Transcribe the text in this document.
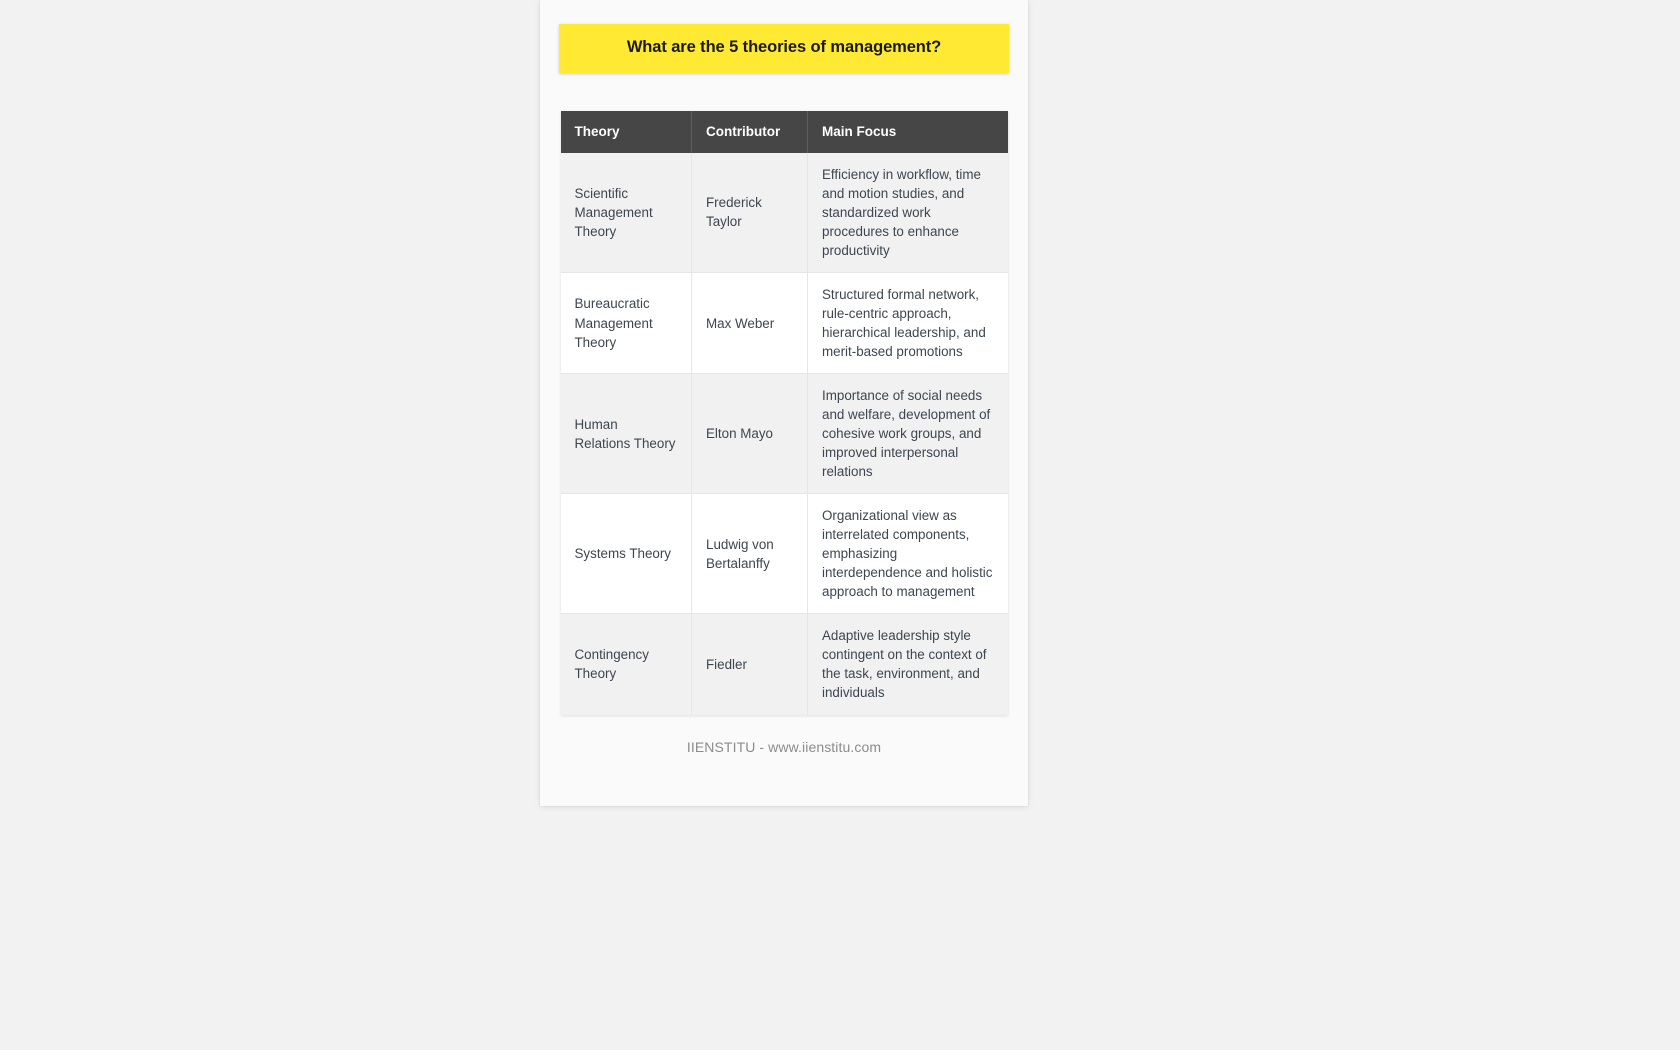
What are the 5 theories of management?
Theory	Contributor	Main Focus
Scientific Management Theory	Frederick Taylor	Efficiency in workflow, time and motion studies, and standardized work procedures to enhance productivity
Bureaucratic Management Theory	Max Weber	Structured formal network, rule-centric approach, hierarchical leadership, and merit-based promotions
Human Relations Theory	Elton Mayo	Importance of social needs and welfare, development of cohesive work groups, and improved interpersonal relations
Systems Theory	Ludwig von Bertalanffy	Organizational view as interrelated components, emphasizing interdependence and holistic approach to management
Contingency Theory	Fiedler	Adaptive leadership style contingent on the context of the task, environment, and individuals
IIENSTITU - www.iienstitu.com
